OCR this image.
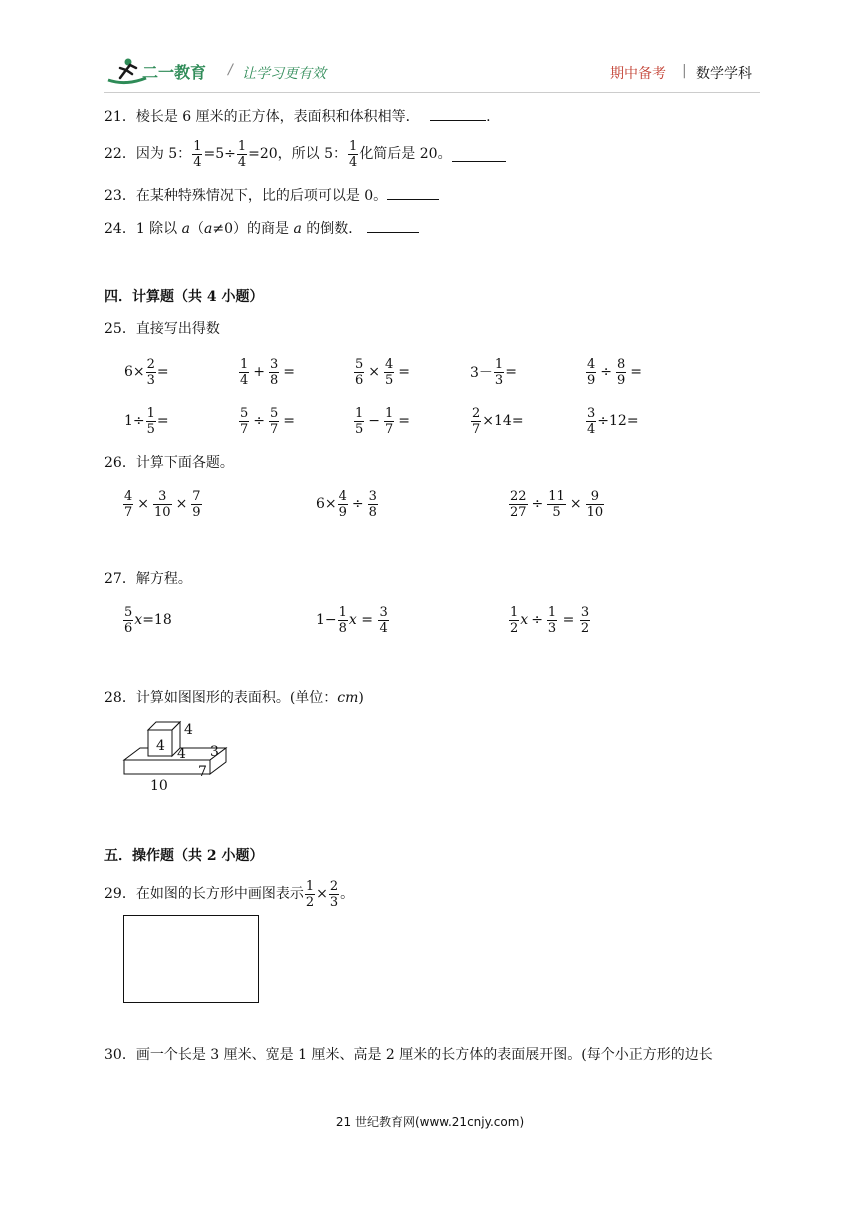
二一教育 / 让学习更有效	期中备考 | 数学学科
21．棱长是 6 厘米的正方体，表面积和体积相等．	.
22． 因为 5： $\frac{1}{4} =5\div \frac{1}{4} =20$，所以 5： $\frac{1}{4}$ 化简后是 20。
23．在某种特殊情况下，比的后项可以是 0。
24．1 除以 a（a≠0）的商是 a 的倒数．
四．计算题（共 4 小题）
25．直接写出得数
$6\times \frac{2}{3}$ =	$\frac{1}{4} + \frac{3}{8}$ =	$\frac{5}{6} \times \frac{4}{5}$ =	$3- \frac{1}{3}$ =	$\frac{4}{9} \div \frac{8}{9}$ =
$1\div \frac{1}{5}$ =	$\frac{5}{7} \div \frac{5}{7}$ =	$\frac{1}{5} - \frac{1}{7}$ =	$\frac{2}{7} \times 14=$	$\frac{3}{4} \div 12=$
26．计算下面各题。
$\frac{4}{7} \times \frac{3}{10} \times \frac{7}{9}$	$6\times \frac{4}{9} \div \frac{3}{8}$	$\frac{22}{27} \div \frac{11}{5} \times \frac{9}{10}$
27．解方程。
$\frac{5}{6}$ x =18	$1- \frac{1}{8}$ $x = \frac{3}{4}$	$\frac{1}{2}$ $x \div \frac{1}{3} = \frac{3}{2}$
28．计算如图图形的表面积。(单位：cm)
4
4 4 3
7
10
五．操作题（共 2 小题）
29． 在如图的长方形中画图表示 $\frac{1}{2} \times \frac{2}{3}$ 。
30．画一个长是 3 厘米、宽是 1 厘米、高是 2 厘米的长方体的表面展开图。(每个小正方形的边长
21 世纪教育网(www.21cnjy.com)
